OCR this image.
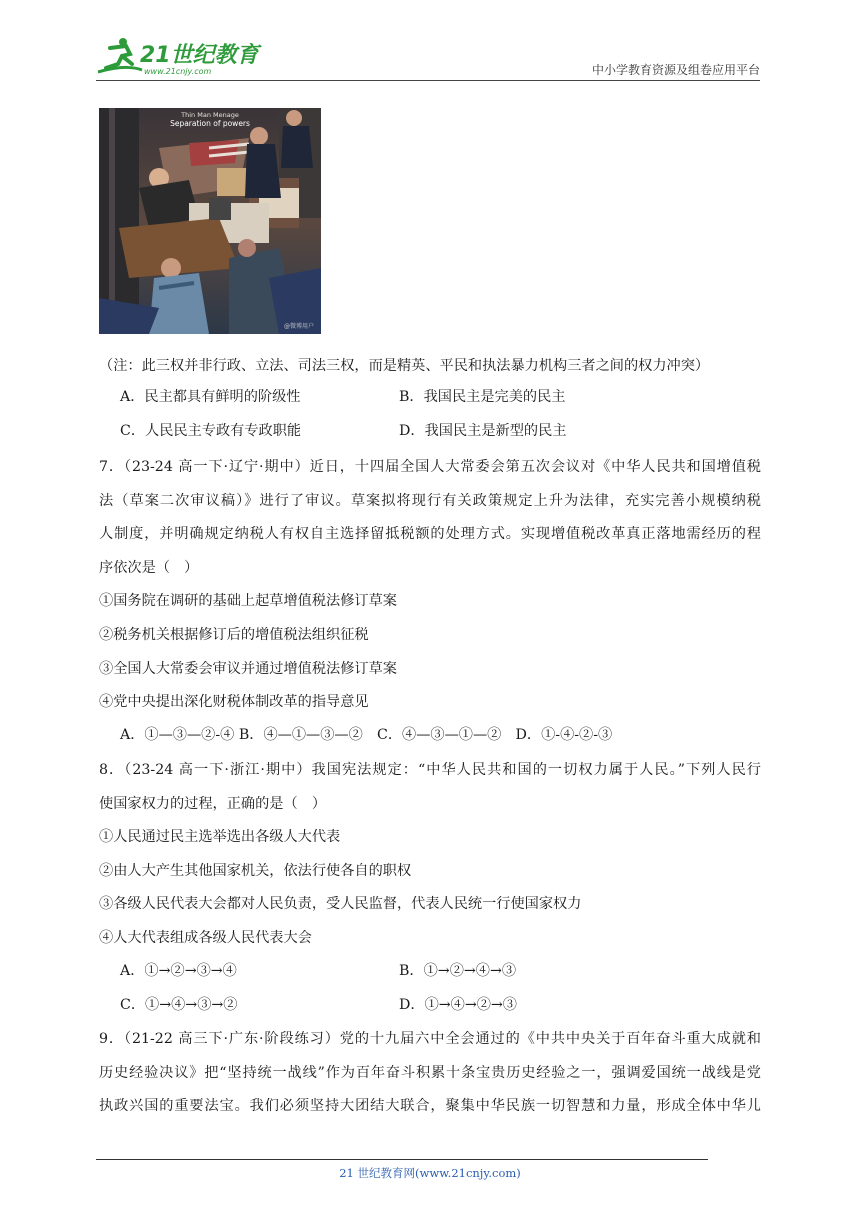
21世纪教育
www.21cnjy.com	中小学教育资源及组卷应用平台
Thin Man Menage
Separation of powers
@微博用户
（注：此三权并非行政、立法、司法三权，而是精英、平民和执法暴力机构三者之间的权力冲突）
A．民主都具有鲜明的阶级性	B．我国民主是完美的民主
C．人民民主专政有专政职能	D．我国民主是新型的民主
7．（23-24 高一下·辽宁·期中）近日，十四届全国人大常委会第五次会议对《中华人民共和国增值税
法（草案二次审议稿）》进行了审议。草案拟将现行有关政策规定上升为法律，充实完善小规模纳税
人制度，并明确规定纳税人有权自主选择留抵税额的处理方式。实现增值税改革真正落地需经历的程
序依次是（　）
①国务院在调研的基础上起草增值税法修订草案
②税务机关根据修订后的增值税法组织征税
③全国人大常委会审议并通过增值税法修订草案
④党中央提出深化财税体制改革的指导意见
A．①—③—②-④ B．④—①—③—②　C．④—③—①—②　D．①-④-②-③
8．（23-24 高一下·浙江·期中）我国宪法规定：“中华人民共和国的一切权力属于人民。”下列人民行
使国家权力的过程，正确的是（　）
①人民通过民主选举选出各级人大代表
②由人大产生其他国家机关，依法行使各自的职权
③各级人民代表大会都对人民负责，受人民监督，代表人民统一行使国家权力
④人大代表组成各级人民代表大会
A．①→②→③→④	B．①→②→④→③
C．①→④→③→②	D．①→④→②→③
9．（21-22 高三下·广东·阶段练习）党的十九届六中全会通过的《中共中央关于百年奋斗重大成就和
历史经验决议》把“坚持统一战线”作为百年奋斗积累十条宝贵历史经验之一，强调爱国统一战线是党
执政兴国的重要法宝。我们必须坚持大团结大联合，聚集中华民族一切智慧和力量，形成全体中华儿
21 世纪教育网(www.21cnjy.com)
